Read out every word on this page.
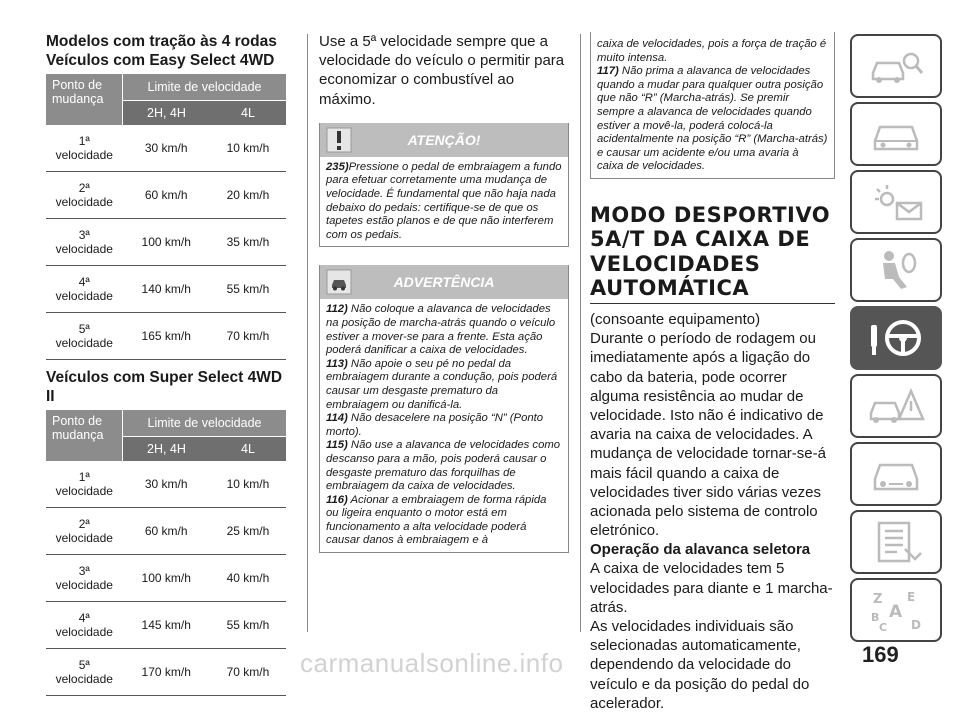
Modelos com tração às 4 rodas
Veículos com Easy Select 4WD
Ponto de mudança	Limite de velocidade	
	2H, 4H	4L
1ª
velocidade	30 km/h	10 km/h
2ª
velocidade	60 km/h	20 km/h
3ª
velocidade	100 km/h	35 km/h
4ª
velocidade	140 km/h	55 km/h
5ª
velocidade	165 km/h	70 km/h
Veículos com Super Select 4WD II
Ponto de mudança	Limite de velocidade	
	2H, 4H	4L
1ª
velocidade	30 km/h	10 km/h
2ª
velocidade	60 km/h	25 km/h
3ª
velocidade	100 km/h	40 km/h
4ª
velocidade	145 km/h	55 km/h
5ª
velocidade	170 km/h	70 km/h

Use a 5ª velocidade sempre que a velocidade do veículo o permitir para economizar o combustível ao máximo.

ATENÇÃO!

235)Pressione o pedal de embraiagem a fundo para efetuar corretamente uma mudança de velocidade. É fundamental que não haja nada debaixo do pedais: certifique-se de que os tapetes estão planos e de que não interferem com os pedais.

ADVERTÊNCIA

112) Não coloque a alavanca de velocidades na posição de marcha-atrás quando o veículo estiver a mover-se para a frente. Esta ação poderá danificar a caixa de velocidades.

113) Não apoie o seu pé no pedal da embraiagem durante a condução, pois poderá causar um desgaste prematuro da embraiagem ou danificá-la.

114) Não desacelere na posição “N” (Ponto morto).

115) Não use a alavanca de velocidades como descanso para a mão, pois poderá causar o desgaste prematuro das forquilhas de embraiagem da caixa de velocidades.

116) Acionar a embraiagem de forma rápida ou ligeira enquanto o motor está em funcionamento a alta velocidade poderá causar danos à embraiagem e à

caixa de velocidades, pois a força de tração é muito intensa.

117) Não prima a alavanca de velocidades quando a mudar para qualquer outra posição que não “R” (Marcha-atrás). Se premir sempre a alavanca de velocidades quando estiver a movê-la, poderá colocá-la acidentalmente na posição “R” (Marcha-atrás) e causar um acidente e/ou uma avaria à caixa de velocidades.

MODO DESPORTIVO 5A/T DA CAIXA DE VELOCIDADES AUTOMÁTICA

(consoante equipamento)
Durante o período de rodagem ou imediatamente após a ligação do cabo da bateria, pode ocorrer alguma resistência ao mudar de velocidade. Isto não é indicativo de avaria na caixa de velocidades. A mudança de velocidade tornar-se-á mais fácil quando a caixa de velocidades tiver sido várias vezes acionada pelo sistema de controlo eletrónico.

Operação da alavanca seletora

A caixa de velocidades tem 5 velocidades para diante e 1 marcha-atrás.
As velocidades individuais são selecionadas automaticamente, dependendo da velocidade do veículo e da posição do pedal do acelerador.

Z E
A
B
C D
carmanualsonline.info	169
